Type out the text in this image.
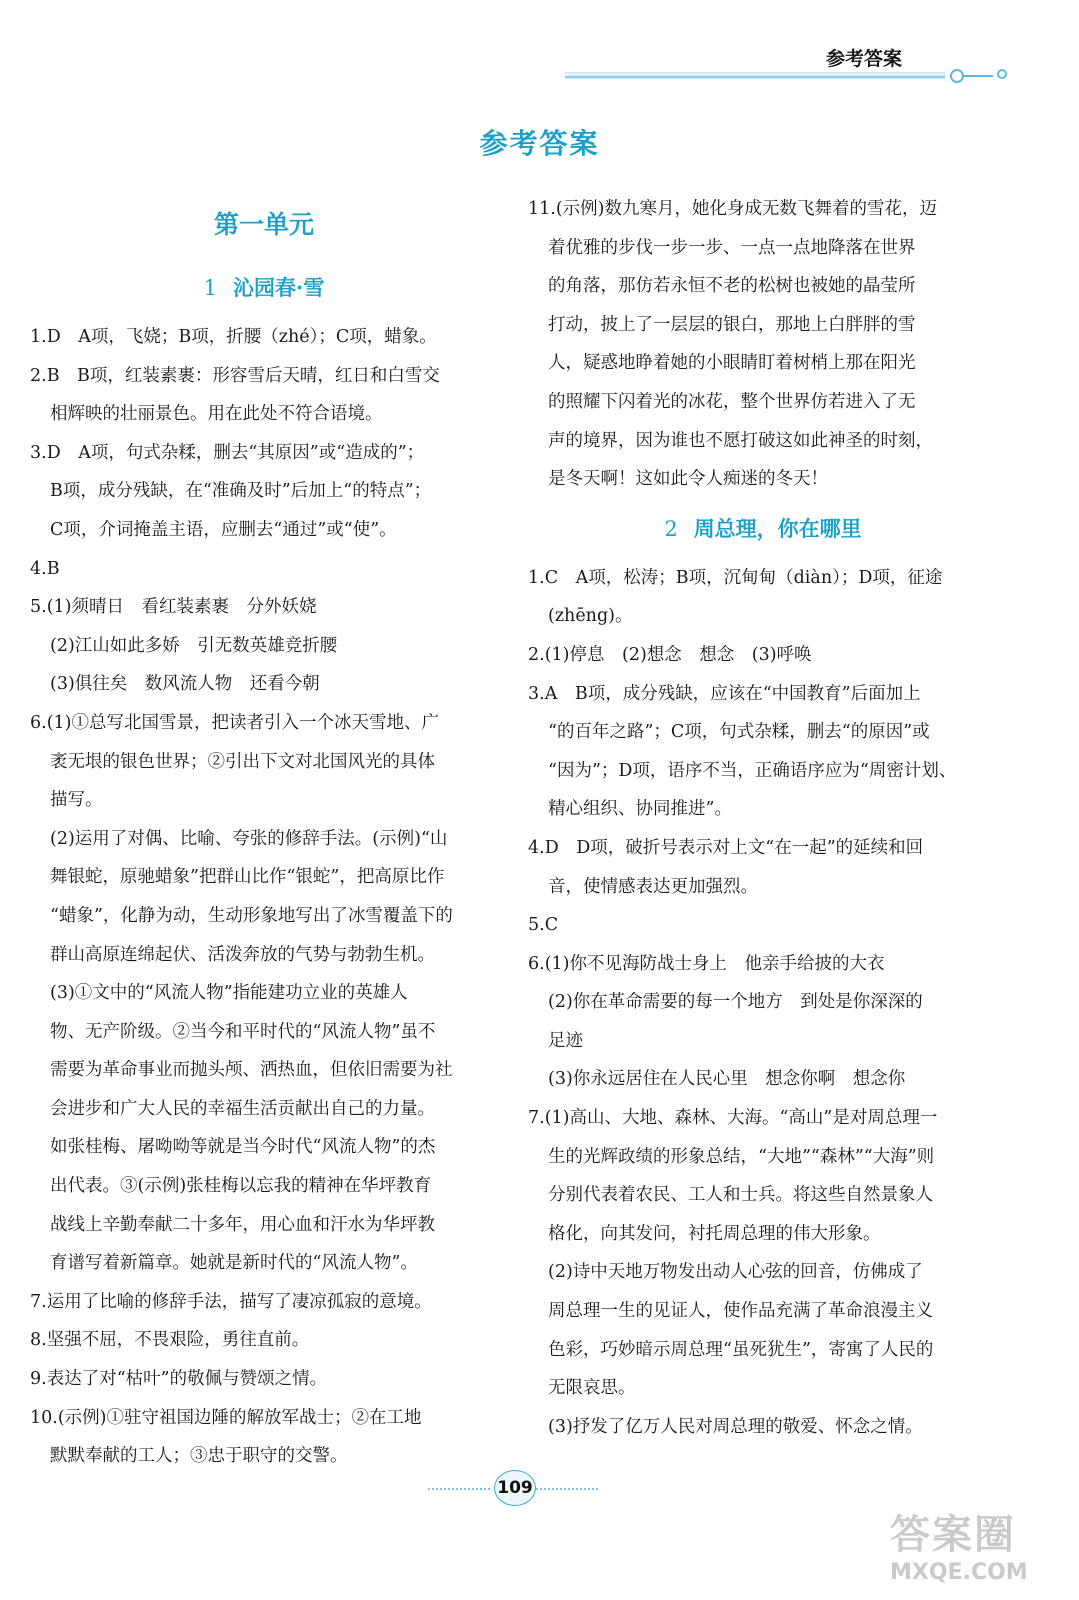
参考答案
参考答案
第一单元
1 沁园春·雪
1.D　A项，飞娆；B项，折腰（zhé）；C项，蜡象。
2.B　B项，红装素裹：形容雪后天晴，红日和白雪交
相辉映的壮丽景色。用在此处不符合语境。
3.D　A项，句式杂糅，删去“其原因”或“造成的”；
B项，成分残缺，在“准确及时”后加上“的特点”；
C项，介词掩盖主语，应删去“通过”或“使”。
4.B
5.(1)须晴日　看红装素裹　分外妖娆
(2)江山如此多娇　引无数英雄竞折腰
(3)俱往矣　数风流人物　还看今朝
6.(1)①总写北国雪景，把读者引入一个冰天雪地、广
袤无垠的银色世界；②引出下文对北国风光的具体
描写。
(2)运用了对偶、比喻、夸张的修辞手法。(示例)“山
舞银蛇，原驰蜡象”把群山比作“银蛇”，把高原比作
“蜡象”，化静为动，生动形象地写出了冰雪覆盖下的
群山高原连绵起伏、活泼奔放的气势与勃勃生机。
(3)①文中的“风流人物”指能建功立业的英雄人
物、无产阶级。②当今和平时代的“风流人物”虽不
需要为革命事业而抛头颅、洒热血，但依旧需要为社
会进步和广大人民的幸福生活贡献出自己的力量。
如张桂梅、屠呦呦等就是当今时代“风流人物”的杰
出代表。③(示例)张桂梅以忘我的精神在华坪教育
战线上辛勤奉献二十多年，用心血和汗水为华坪教
育谱写着新篇章。她就是新时代的“风流人物”。
7.运用了比喻的修辞手法，描写了凄凉孤寂的意境。
8.坚强不屈，不畏艰险，勇往直前。
9.表达了对“枯叶”的敬佩与赞颂之情。
10.(示例)①驻守祖国边陲的解放军战士；②在工地
默默奉献的工人；③忠于职守的交警。
11.(示例)数九寒月，她化身成无数飞舞着的雪花，迈
着优雅的步伐一步一步、一点一点地降落在世界
的角落，那仿若永恒不老的松树也被她的晶莹所
打动，披上了一层层的银白，那地上白胖胖的雪
人，疑惑地睁着她的小眼睛盯着树梢上那在阳光
的照耀下闪着光的冰花，整个世界仿若进入了无
声的境界，因为谁也不愿打破这如此神圣的时刻，
是冬天啊！这如此令人痴迷的冬天！
2 周总理，你在哪里
1.C　A项，松涛；B项，沉甸甸（diàn）；D项，征途
(zhēng)。
2.(1)停息　(2)想念　想念　(3)呼唤
3.A　B项，成分残缺，应该在“中国教育”后面加上
“的百年之路”；C项，句式杂糅，删去“的原因”或
“因为”；D项，语序不当，正确语序应为“周密计划、
精心组织、协同推进”。
4.D　D项，破折号表示对上文“在一起”的延续和回
音，使情感表达更加强烈。
5.C
6.(1)你不见海防战士身上　他亲手给披的大衣
(2)你在革命需要的每一个地方　到处是你深深的
足迹
(3)你永远居住在人民心里　想念你啊　想念你
7.(1)高山、大地、森林、大海。“高山”是对周总理一
生的光辉政绩的形象总结，“大地”“森林”“大海”则
分别代表着农民、工人和士兵。将这些自然景象人
格化，向其发问，衬托周总理的伟大形象。
(2)诗中天地万物发出动人心弦的回音，仿佛成了
周总理一生的见证人，使作品充满了革命浪漫主义
色彩，巧妙暗示周总理“虽死犹生”，寄寓了人民的
无限哀思。
(3)抒发了亿万人民对周总理的敬爱、怀念之情。
109
答案圈
MXQE.COM
